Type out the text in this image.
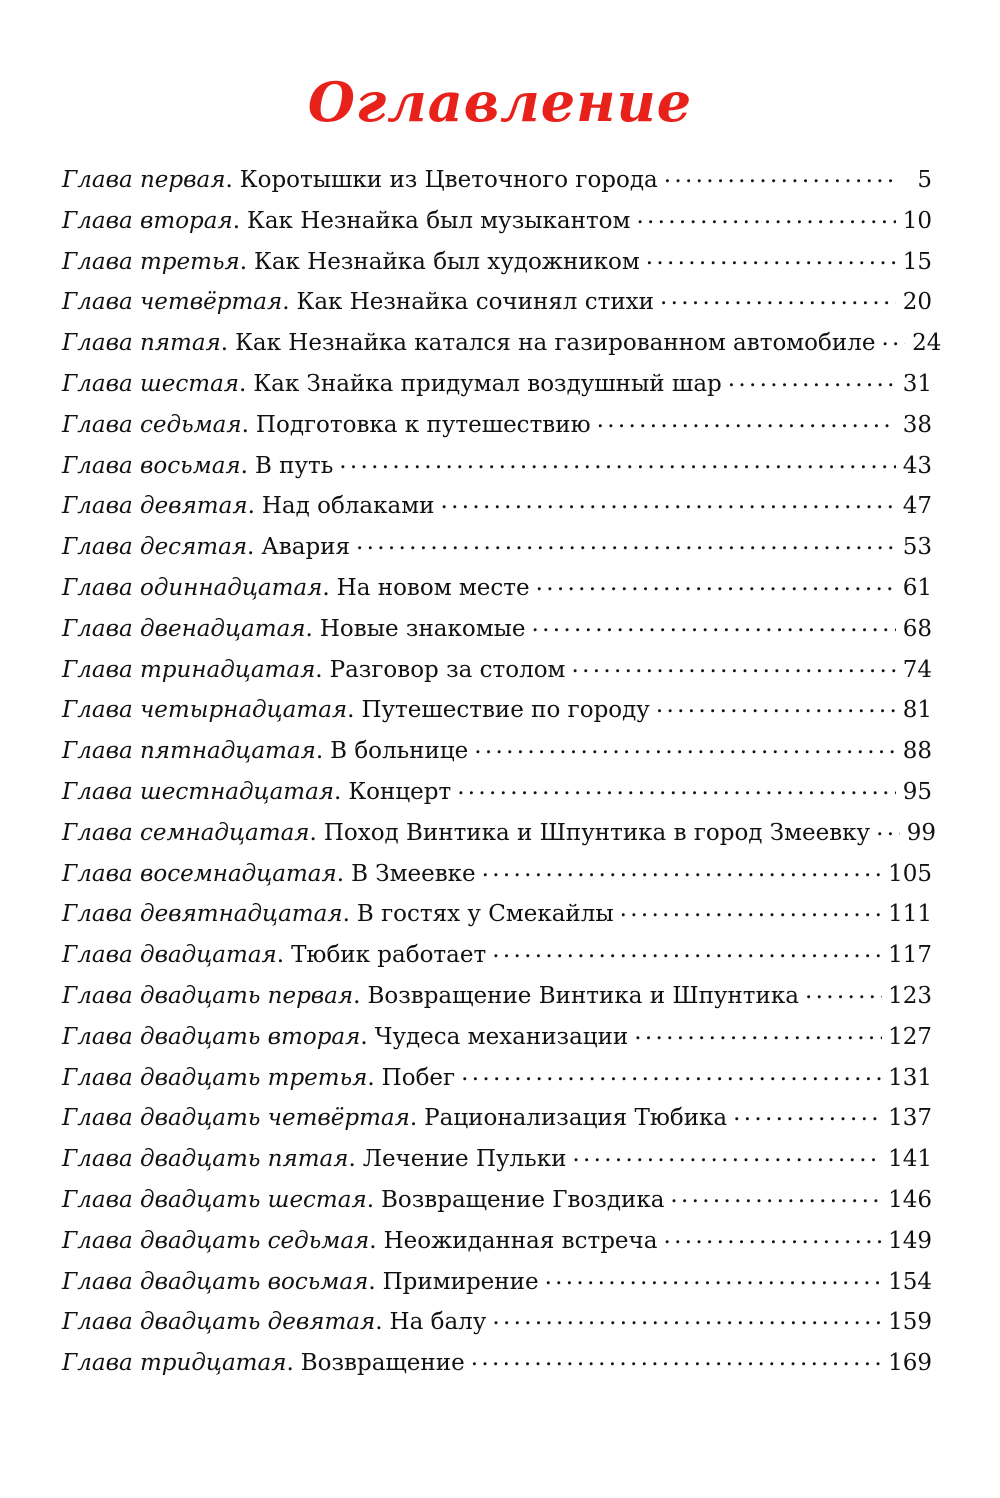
Оглавление
Глава первая . Коротышки из Цветочного города . . .	5
Глава вторая . Как Незнайка был музыкантом . . .	10
Глава третья . Как Незнайка был художником . . .	15
Глава четвёртая . Как Незнайка сочинял стихи . . .	20
Глава пятая . Как Незнайка катался на газированном автомобиле . . . 24
Глава шестая . Как Знайка придумал воздушный шар . . .	31
Глава седьмая . Подготовка к путешествию . . .	38
Глава восьмая . В путь . . .	43
Глава девятая . Над облаками . . .	47
Глава десятая . Авария . . .	53
Глава одиннадцатая . На новом месте . . .	61
Глава двенадцатая . Новые знакомые . . .	68
Глава тринадцатая . Разговор за столом . . .	74
Глава четырнадцатая . Путешествие по городу . . .	81
Глава пятнадцатая . В больнице . . .	88
Глава шестнадцатая . Концерт . . .	95
Глава семнадцатая . Поход Винтика и Шпунтика в город Змеевку . . . 99
Глава восемнадцатая . В Змеевке . . .	105
Глава девятнадцатая . В гостях у Смекайлы . . .	111
Глава двадцатая . Тюбик работает . . .	117
Глава двадцать первая . Возвращение Винтика и Шпунтика . . .	123
Глава двадцать вторая . Чудеса механизации . . .	127
Глава двадцать третья . Побег . . .	131
Глава двадцать четвёртая . Рационализация Тюбика . . .	137
Глава двадцать пятая . Лечение Пульки . . .	141
Глава двадцать шестая . Возвращение Гвоздика . . .	146
Глава двадцать седьмая . Неожиданная встреча . . .	149
Глава двадцать восьмая . Примирение . . .	154
Глава двадцать девятая . На балу . . .	159
Глава тридцатая . Возвращение . . .	169
